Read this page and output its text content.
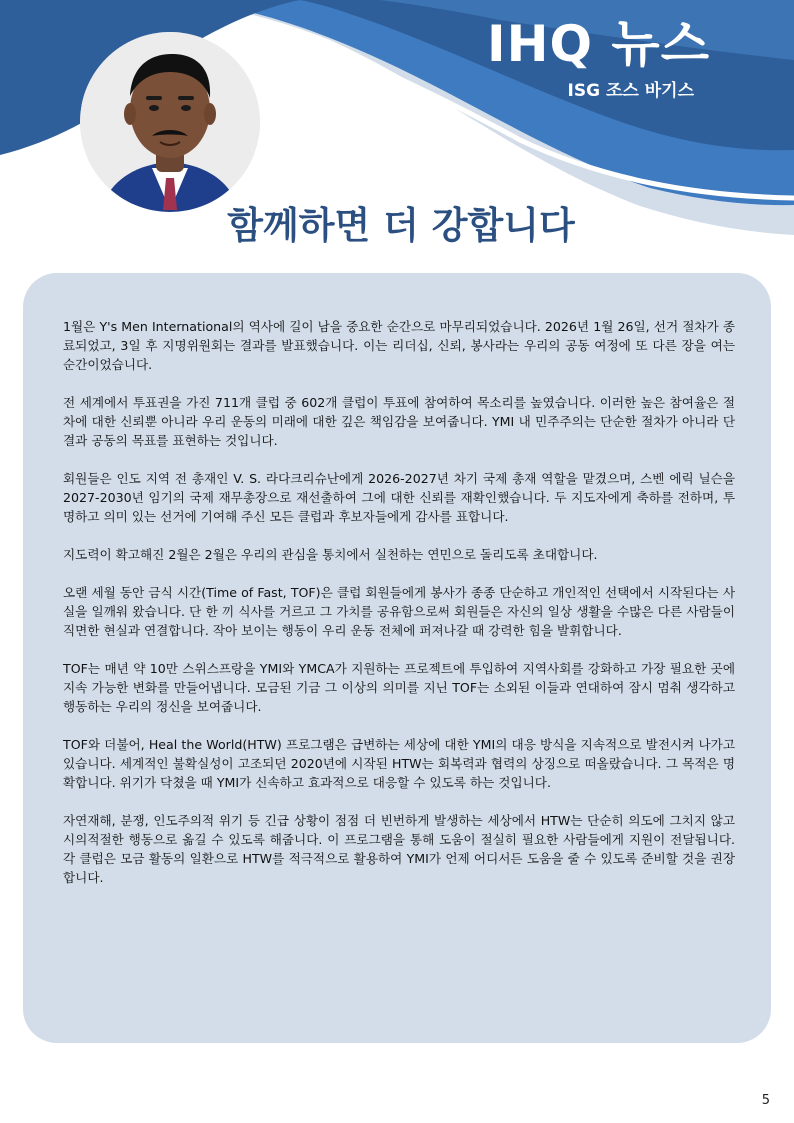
IHQ 뉴스
ISG 조스 바기스
함께하면 더 강합니다

1월은 Y's Men International의 역사에 길이 남을 중요한 순간으로 마무리되었습니다. 2026년 1월 26일, 선거 절차가 종료되었고, 3일 후 지명위원회는 결과를 발표했습니다. 이는 리더십, 신뢰, 봉사라는 우리의 공동 여정에 또 다른 장을 여는 순간이었습니다.

전 세계에서 투표권을 가진 711개 클럽 중 602개 클럽이 투표에 참여하여 목소리를 높였습니다. 이러한 높은 참여율은 절차에 대한 신뢰뿐 아니라 우리 운동의 미래에 대한 깊은 책임감을 보여줍니다. YMI 내 민주주의는 단순한 절차가 아니라 단결과 공동의 목표를 표현하는 것입니다.

회원들은 인도 지역 전 총재인 V. S. 라다크리슈난에게 2026-2027년 차기 국제 총재 역할을 맡겼으며, 스벤 에릭 닐슨을 2027-2030년 임기의 국제 재무총장으로 재선출하여 그에 대한 신뢰를 재확인했습니다. 두 지도자에게 축하를 전하며, 투명하고 의미 있는 선거에 기여해 주신 모든 클럽과 후보자들에게 감사를 표합니다.

지도력이 확고해진 2월은 2월은 우리의 관심을 통치에서 실천하는 연민으로 돌리도록 초대합니다.

오랜 세월 동안 금식 시간(Time of Fast, TOF)은 클럽 회원들에게 봉사가 종종 단순하고 개인적인 선택에서 시작된다는 사실을 일깨워 왔습니다. 단 한 끼 식사를 거르고 그 가치를 공유함으로써 회원들은 자신의 일상 생활을 수많은 다른 사람들이 직면한 현실과 연결합니다. 작아 보이는 행동이 우리 운동 전체에 퍼져나갈 때 강력한 힘을 발휘합니다.

TOF는 매년 약 10만 스위스프랑을 YMI와 YMCA가 지원하는 프로젝트에 투입하여 지역사회를 강화하고 가장 필요한 곳에 지속 가능한 변화를 만들어냅니다. 모금된 기금 그 이상의 의미를 지닌 TOF는 소외된 이들과 연대하여 잠시 멈춰 생각하고 행동하는 우리의 정신을 보여줍니다.

TOF와 더불어, Heal the World(HTW) 프로그램은 급변하는 세상에 대한 YMI의 대응 방식을 지속적으로 발전시켜 나가고 있습니다. 세계적인 불확실성이 고조되던 2020년에 시작된 HTW는 회복력과 협력의 상징으로 떠올랐습니다. 그 목적은 명확합니다. 위기가 닥쳤을 때 YMI가 신속하고 효과적으로 대응할 수 있도록 하는 것입니다.

자연재해, 분쟁, 인도주의적 위기 등 긴급 상황이 점점 더 빈번하게 발생하는 세상에서 HTW는 단순히 의도에 그치지 않고 시의적절한 행동으로 옮길 수 있도록 해줍니다. 이 프로그램을 통해 도움이 절실히 필요한 사람들에게 지원이 전달됩니다. 각 클럽은 모금 활동의 일환으로 HTW를 적극적으로 활용하여 YMI가 언제 어디서든 도움을 줄 수 있도록 준비할 것을 권장합니다.

5
